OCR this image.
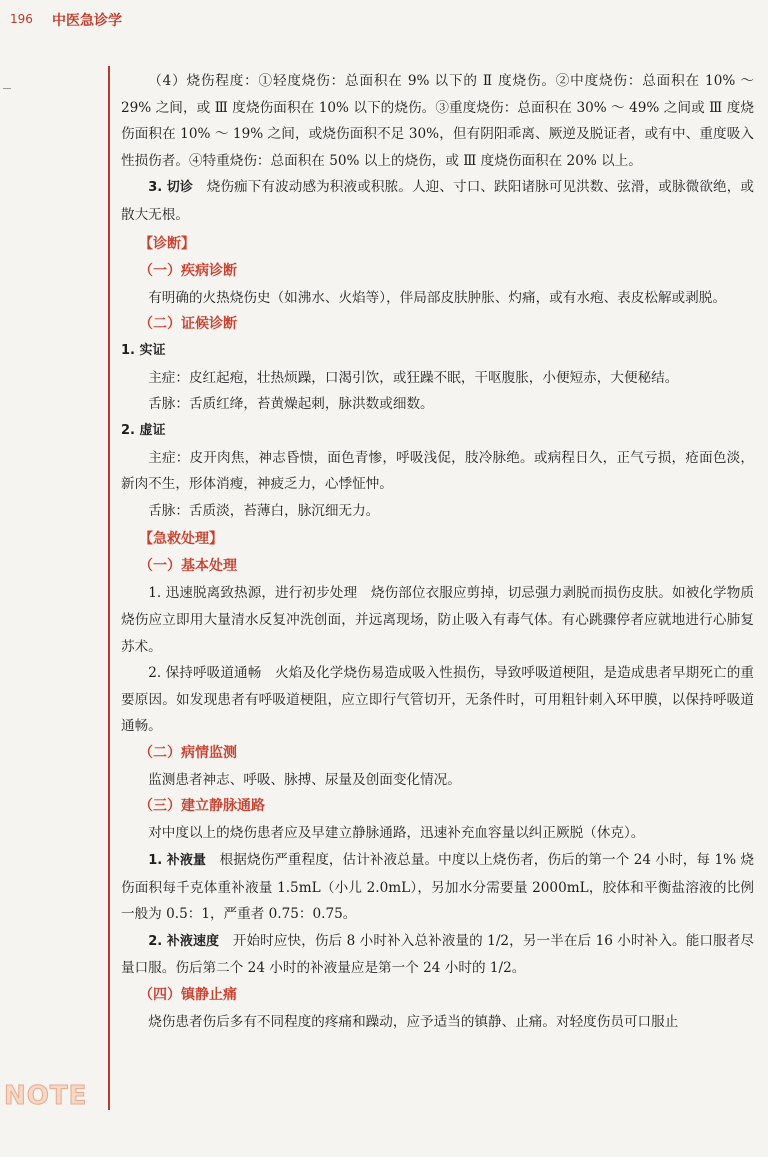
196 中医急诊学
NOTE

（4）烧伤程度：①轻度烧伤：总面积在 9% 以下的 Ⅱ 度烧伤。②中度烧伤：总面积在 10% ～ 29% 之间，或 Ⅲ 度烧伤面积在 10% 以下的烧伤。③重度烧伤：总面积在 30% ～ 49% 之间或 Ⅲ 度烧伤面积在 10% ～ 19% 之间，或烧伤面积不足 30%，但有阴阳乖离、厥逆及脱证者，或有中、重度吸入性损伤者。④特重烧伤：总面积在 50% 以上的烧伤，或 Ⅲ 度烧伤面积在 20% 以上。

3. 切诊　烧伤痂下有波动感为积液或积脓。人迎、寸口、趺阳诸脉可见洪数、弦滑，或脉微欲绝，或散大无根。

【诊断】
（一）疾病诊断

有明确的火热烧伤史（如沸水、火焰等），伴局部皮肤肿胀、灼痛，或有水疱、表皮松解或剥脱。

（二）证候诊断

1. 实证

主症：皮红起疱，壮热烦躁，口渴引饮，或狂躁不眠，干呕腹胀，小便短赤，大便秘结。

舌脉：舌质红绛，苔黄燥起刺，脉洪数或细数。

2. 虚证

主症：皮开肉焦，神志昏愦，面色青惨，呼吸浅促，肢冷脉绝。或病程日久，正气亏损，疮面色淡，新肉不生，形体消瘦，神疲乏力，心悸怔忡。

舌脉：舌质淡，苔薄白，脉沉细无力。

【急救处理】
（一）基本处理

1. 迅速脱离致热源，进行初步处理　烧伤部位衣服应剪掉，切忌强力剥脱而损伤皮肤。如被化学物质烧伤应立即用大量清水反复冲洗创面，并远离现场，防止吸入有毒气体。有心跳骤停者应就地进行心肺复苏术。

2. 保持呼吸道通畅　火焰及化学烧伤易造成吸入性损伤，导致呼吸道梗阻，是造成患者早期死亡的重要原因。如发现患者有呼吸道梗阻，应立即行气管切开，无条件时，可用粗针刺入环甲膜，以保持呼吸道通畅。

（二）病情监测

监测患者神志、呼吸、脉搏、尿量及创面变化情况。

（三）建立静脉通路

对中度以上的烧伤患者应及早建立静脉通路，迅速补充血容量以纠正厥脱（休克）。

1. 补液量　根据烧伤严重程度，估计补液总量。中度以上烧伤者，伤后的第一个 24 小时，每 1% 烧伤面积每千克体重补液量 1.5mL（小儿 2.0mL），另加水分需要量 2000mL，胶体和平衡盐溶液的比例一般为 0.5：1，严重者 0.75：0.75。

2. 补液速度　开始时应快，伤后 8 小时补入总补液量的 1/2，另一半在后 16 小时补入。能口服者尽量口服。伤后第二个 24 小时的补液量应是第一个 24 小时的 1/2。

（四）镇静止痛

烧伤患者伤后多有不同程度的疼痛和躁动，应予适当的镇静、止痛。对轻度伤员可口服止
